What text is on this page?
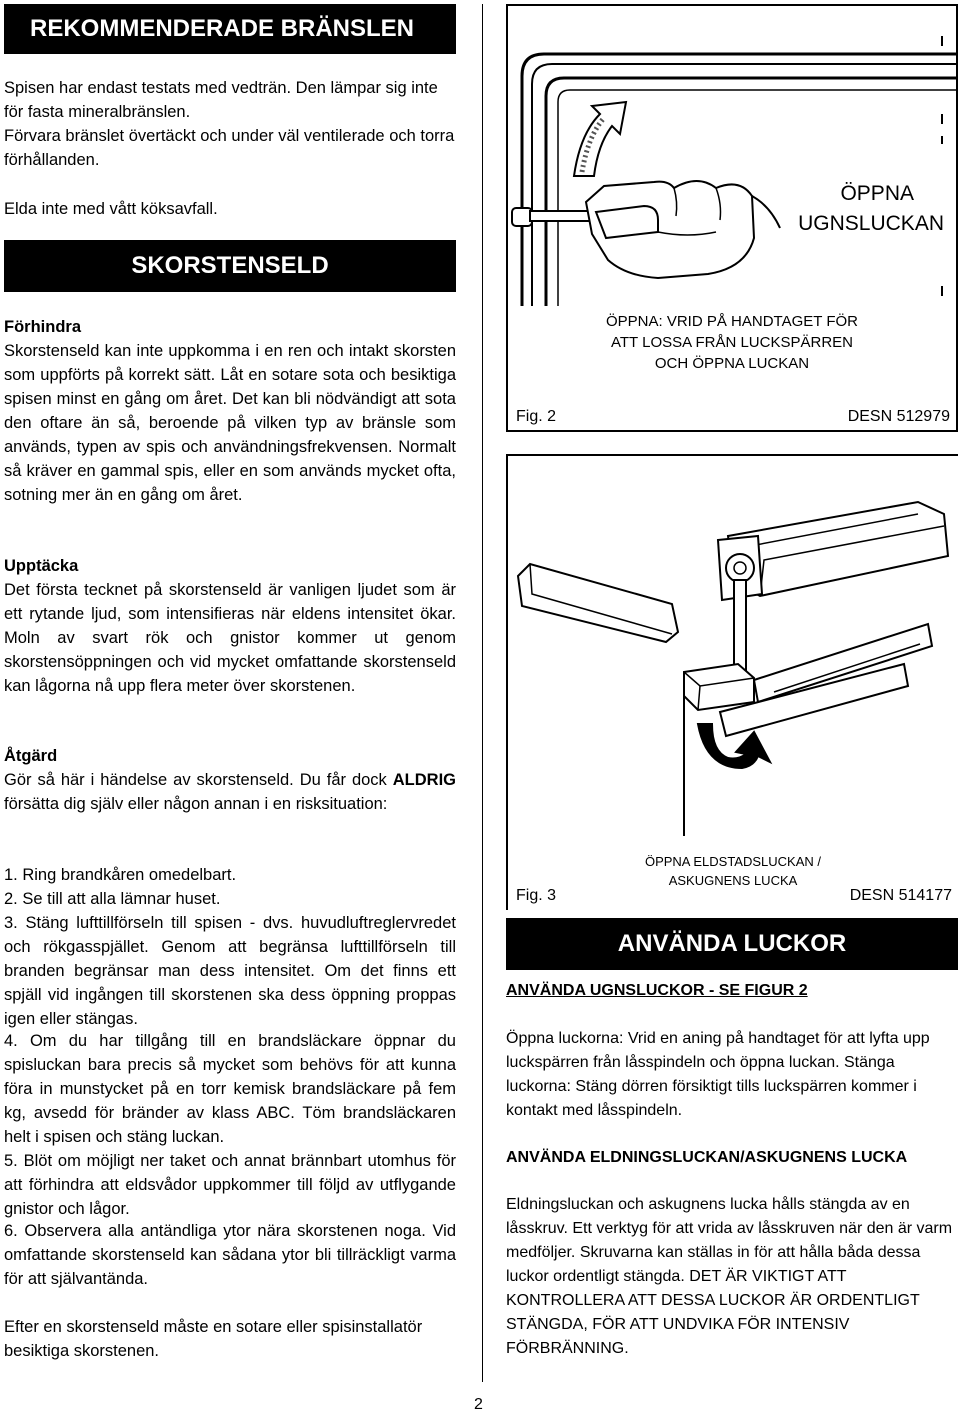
REKOMMENDERADE BRÄNSLEN

Spisen har endast testats med vedträn. Den lämpar sig inte för fasta mineralbränslen.

Förvara bränslet övertäckt och under väl ventilerade och torra förhållanden.

Elda inte med vått köksavfall.

SKORSTENSELD

Förhindra

Skorstenseld kan inte uppkomma i en ren och intakt skorsten som uppförts på korrekt sätt. Låt en sotare sota och besiktiga spisen minst en gång om året. Det kan bli nödvändigt att sota den oftare än så, beroende på vilken typ av bränsle som används, typen av spis och användningsfrekvensen. Normalt så kräver en gammal spis, eller en som används mycket ofta, sotning mer än en gång om året.

Upptäcka

Det första tecknet på skorstenseld är vanligen ljudet som är ett rytande ljud, som intensifieras när eldens intensitet ökar. Moln av svart rök och gnistor kommer ut genom skorstensöppningen och vid mycket omfattande skorstenseld kan lågorna nå upp flera meter över skorstenen.

Åtgärd

Gör så här i händelse av skorstenseld. Du får dock ALDRIG försätta dig själv eller någon annan i en risksituation:

1. Ring brandkåren omedelbart.

2. Se till att alla lämnar huset.

3. Stäng lufttillförseln till spisen - dvs. huvudluftreglervredet och rökgasspjället. Genom att begränsa lufttillförseln till branden begränsar man dess intensitet. Om det finns ett spjäll vid ingången till skorstenen ska dess öppning proppas igen eller stängas.

4. Om du har tillgång till en brandsläckare öppnar du spisluckan bara precis så mycket som behövs för att kunna föra in munstycket på en torr kemisk brandsläckare på fem kg, avsedd för bränder av klass ABC. Töm brandsläckaren helt i spisen och stäng luckan.

5. Blöt om möjligt ner taket och annat brännbart utomhus för att förhindra att eldsvådor uppkommer till följd av utflygande gnistor och lågor.

6. Observera alla antändliga ytor nära skorstenen noga. Vid omfattande skorstenseld kan sådana ytor bli tillräckligt varma för att självantända.

Efter en skorstenseld måste en sotare eller spisinstallatör besiktiga skorstenen.

ÖPPNA
UGNSLUCKAN
ÖPPNA: VRID PÅ HANDTAGET FÖR
ATT LOSSA FRÅN LUCKSPÄRREN
OCH ÖPPNA LUCKAN
Fig. 2	DESN 512979
ÖPPNA ELDSTADSLUCKAN /
ASKUGNENS LUCKA
Fig. 3	DESN 514177
ANVÄNDA LUCKOR

ANVÄNDA UGNSLUCKOR - SE FIGUR 2

Öppna luckorna: Vrid en aning på handtaget för att lyfta upp luckspärren från låsspindeln och öppna luckan. Stänga luckorna: Stäng dörren försiktigt tills luckspärren kommer i kontakt med låsspindeln.

ANVÄNDA ELDNINGSLUCKAN/ASKUGNENS LUCKA

Eldningsluckan och askugnens lucka hålls stängda av en låsskruv. Ett verktyg för att vrida av låsskruven när den är varm medföljer. Skruvarna kan ställas in för att hålla båda dessa luckor ordentligt stängda. DET ÄR VIKTIGT ATT KONTROLLERA ATT DESSA LUCKOR ÄR ORDENTLIGT STÄNGDA, FÖR ATT UNDVIKA FÖR INTENSIV FÖRBRÄNNING.

2
